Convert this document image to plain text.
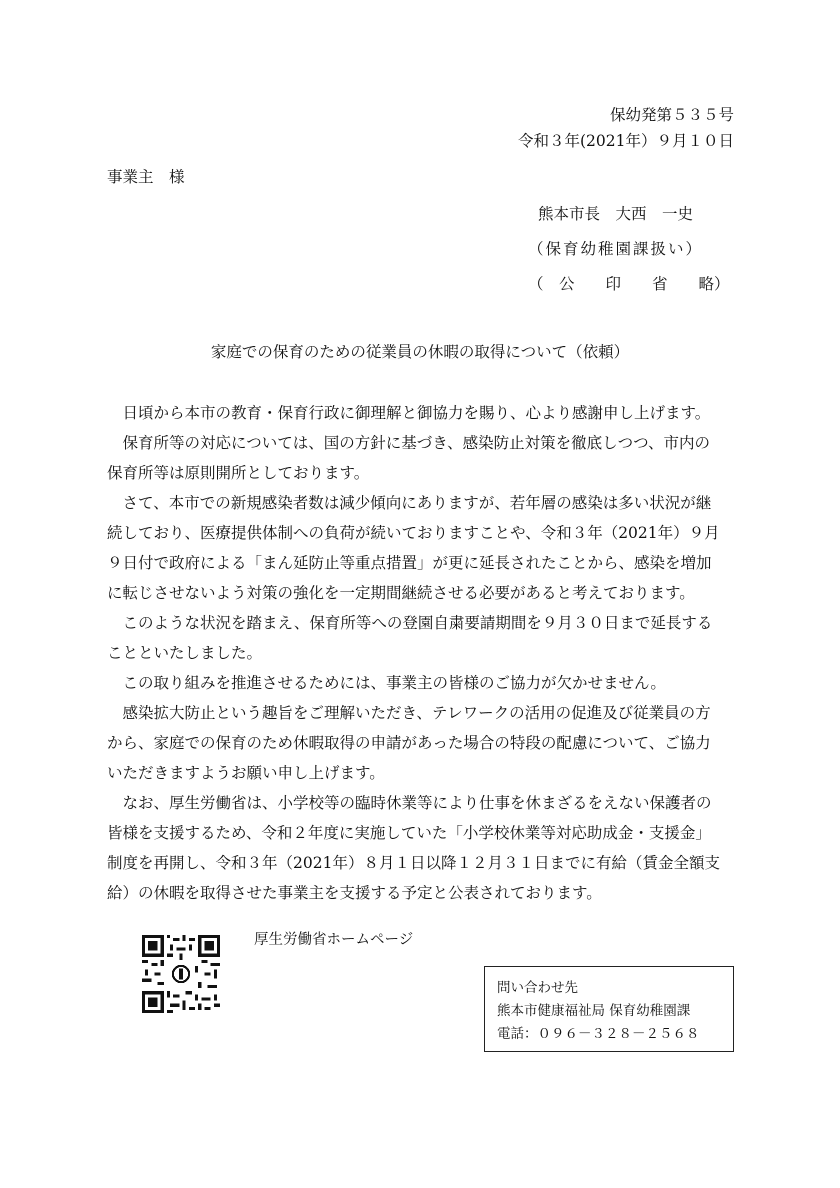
保幼発第５３５号
令和３年(2021年）９月１０日
事業主　様
熊本市長　大西　一史
（保育幼稚園課扱い）
（　公　　印　　省　　略）
家庭での保育のための従業員の休暇の取得について（依頼）
　日頃から本市の教育・保育行政に御理解と御協力を賜り、心より感謝申し上げます。
　保育所等の対応については、国の方針に基づき、感染防止対策を徹底しつつ、市内の
保育所等は原則開所としております。
　さて、本市での新規感染者数は減少傾向にありますが、若年層の感染は多い状況が継
続しており、医療提供体制への負荷が続いておりますことや、令和３年（2021年）９月
９日付で政府による「まん延防止等重点措置」が更に延長されたことから、感染を増加
に転じさせないよう対策の強化を一定期間継続させる必要があると考えております。
　このような状況を踏まえ、保育所等への登園自粛要請期間を９月３０日まで延長する
ことといたしました。
　この取り組みを推進させるためには、事業主の皆様のご協力が欠かせません。
　感染拡大防止という趣旨をご理解いただき、テレワークの活用の促進及び従業員の方
から、家庭での保育のため休暇取得の申請があった場合の特段の配慮について、ご協力
いただきますようお願い申し上げます。
　なお、厚生労働省は、小学校等の臨時休業等により仕事を休まざるをえない保護者の
皆様を支援するため、令和２年度に実施していた「小学校休業等対応助成金・支援金」
制度を再開し、令和３年（2021年）８月１日以降１２月３１日までに有給（賃金全額支
給）の休暇を取得させた事業主を支援する予定と公表されております。
厚生労働省ホームページ
問い合わせ先
熊本市健康福祉局 保育幼稚園課
電話：０９６－３２８－２５６８
